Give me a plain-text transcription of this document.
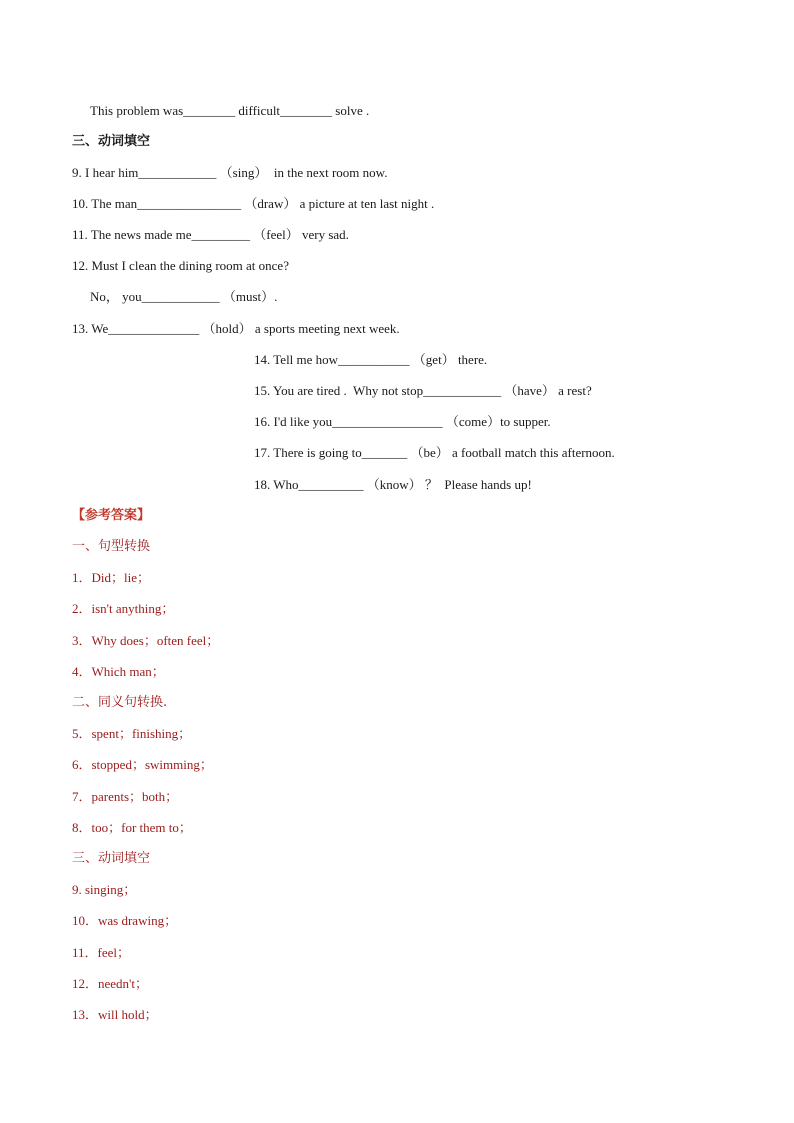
This problem was________ difficult________ solve .
三、动词填空
9. I hear him____________ （sing）  in the next room now.
10. The man________________ （draw） a picture at ten last night .
11. The news made me_________ （feel） very sad.
12. Must I clean the dining room at once?
No， you____________ （must）.
13. We______________ （hold） a sports meeting next week.
14. Tell me how___________ （get） there.
15. You are tired .  Why not stop____________ （have） a rest?
16. I'd like you_________________ （come）to supper.
17. There is going to_______ （be） a football match this afternoon.
18. Who__________ （know） ？  Please hands up!
【参考答案】
一、句型转换
1．Did；lie；
2．isn't anything；
3．Why does；often feel；
4．Which man；
二、同义句转换.
5．spent；finishing；
6．stopped；swimming；
7．parents；both；
8．too；for them to；
三、动词填空
9. singing；
10．was drawing；
11．feel；
12．needn't；
13．will hold；
